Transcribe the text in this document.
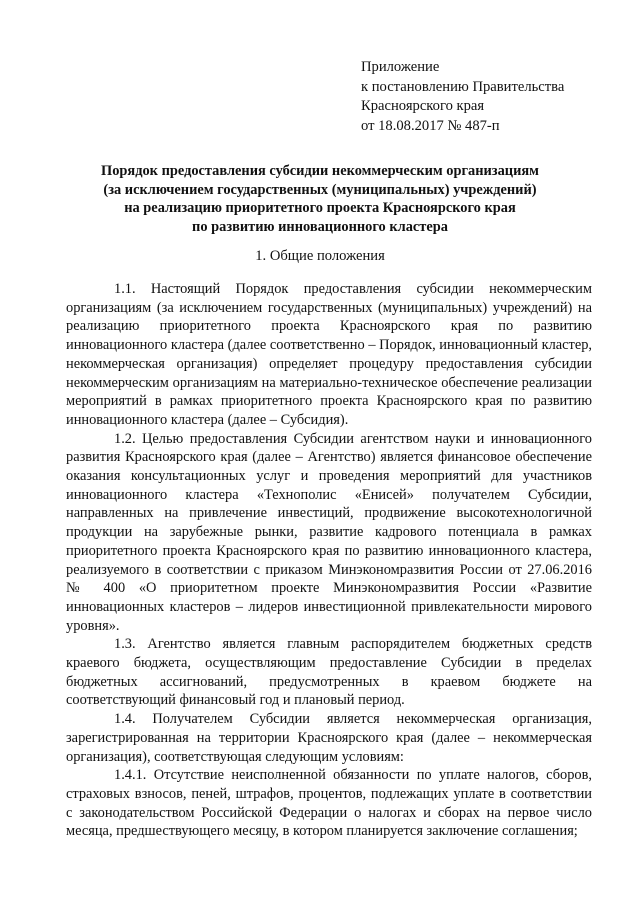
Приложение
к постановлению Правительства
Красноярского края
от 18.08.2017 № 487-п
Порядок предоставления субсидии некоммерческим организациям
(за исключением государственных (муниципальных) учреждений)
на реализацию приоритетного проекта Красноярского края
по развитию инновационного кластера
1. Общие положения

1.1. Настоящий Порядок предоставления субсидии некоммерческим организациям (за исключением государственных (муниципальных) учреждений) на реализацию приоритетного проекта Красноярского края по развитию инновационного кластера (далее соответственно – Порядок, инновационный кластер, некоммерческая организация) определяет процедуру предоставления субсидии некоммерческим организациям на материально-техническое обеспечение реализации мероприятий в рамках приоритетного проекта Красноярского края по развитию инновационного кластера (далее – Субсидия).

1.2. Целью предоставления Субсидии агентством науки и инновационного развития Красноярского края (далее – Агентство) является финансовое обеспечение оказания консультационных услуг и проведения мероприятий для участников инновационного кластера «Технополис «Енисей» получателем Субсидии, направленных на привлечение инвестиций, продвижение высокотехнологичной продукции на зарубежные рынки, развитие кадрового потенциала в рамках приоритетного проекта Красноярского края по развитию инновационного кластера, реализуемого в соответствии с приказом Минэкономразвития России от 27.06.2016 № 400 «О приоритетном проекте Минэкономразвития России «Развитие инновационных кластеров – лидеров инвестиционной привлекательности мирового уровня».

1.3. Агентство является главным распорядителем бюджетных средств краевого бюджета, осуществляющим предоставление Субсидии в пределах бюджетных ассигнований, предусмотренных в краевом бюджете на соответствующий финансовый год и плановый период.

1.4. Получателем Субсидии является некоммерческая организация, зарегистрированная на территории Красноярского края (далее – некоммерческая организация), соответствующая следующим условиям:

1.4.1. Отсутствие неисполненной обязанности по уплате налогов, сборов, страховых взносов, пеней, штрафов, процентов, подлежащих уплате в соответствии с законодательством Российской Федерации о налогах и сборах на первое число месяца, предшествующего месяцу, в котором планируется заключение соглашения;
